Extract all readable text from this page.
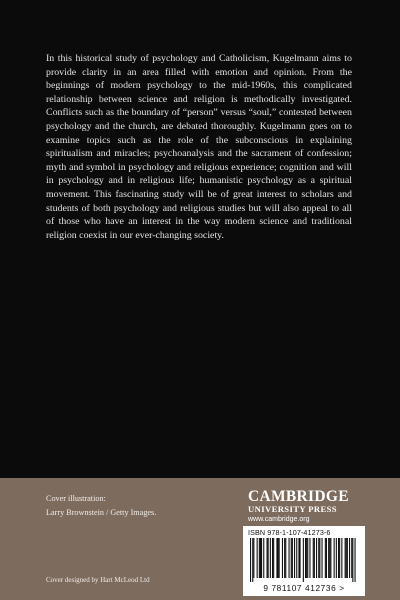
In this historical study of psychology and Catholicism, Kugelmann aims to provide clarity in an area filled with emotion and opinion. From the beginnings of modern psychology to the mid-1960s, this complicated relationship between science and religion is methodically investigated. Conflicts such as the boundary of “person” versus “soul,” contested between psychology and the church, are debated thoroughly. Kugelmann goes on to examine topics such as the role of the subconscious in explaining spiritualism and miracles; psychoanalysis and the sacrament of confession; myth and symbol in psychology and religious experience; cognition and will in psychology and in religious life; humanistic psychology as a spiritual movement. This fascinating study will be of great interest to scholars and students of both psychology and religious studies but will also appeal to all of those who have an interest in the way modern science and traditional religion coexist in our ever-changing society.

Cover illustration:

Larry Brownstein / Getty Images.

Cover designed by Hart McLeod Ltd

CAMBRIDGE

UNIVERSITY PRESS

www.cambridge.org

ISBN 978-1-107-41273-6

9 781107 412736 >
